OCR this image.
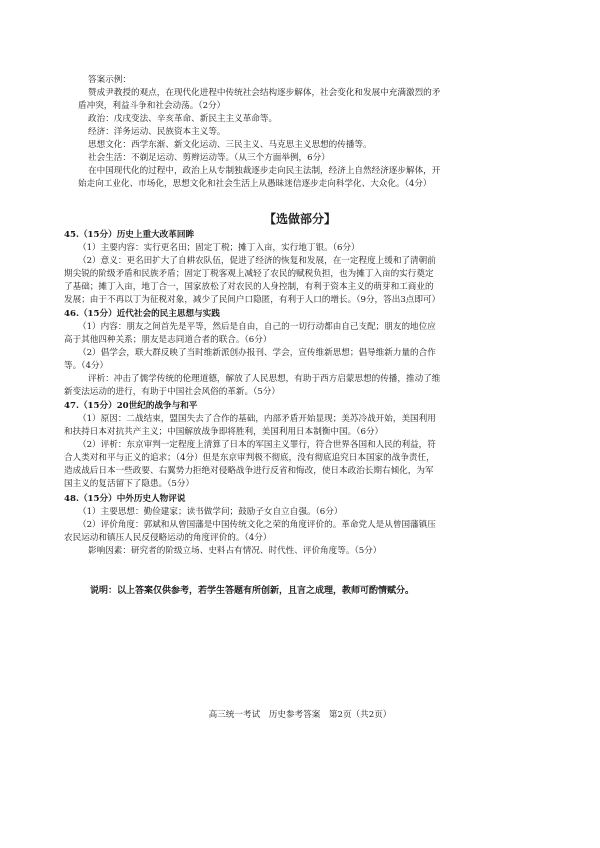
答案示例：
赞成尹教授的观点，在现代化进程中传统社会结构逐步解体，社会变化和发展中充满激烈的矛
盾冲突，利益斗争和社会动荡。（2分）
政治：戊戌变法、辛亥革命、新民主主义革命等。
经济：洋务运动、民族资本主义等。
思想文化：西学东渐、新文化运动、三民主义、马克思主义思想的传播等。
社会生活：不剃足运动、剪辫运动等。（从三个方面举例，6分）
在中国现代化的过程中，政治上从专制独裁逐步走向民主法制，经济上自然经济逐步解体，开
始走向工业化、市场化，思想文化和社会生活上从愚昧迷信逐步走向科学化、大众化。（4分）
【选做部分】
45.（15分）历史上重大改革回眸
（1）主要内容：实行更名田；固定丁税；摊丁入亩，实行地丁银。（6分）
（2）意义：更名田扩大了自耕农队伍，促进了经济的恢复和发展，在一定程度上缓和了清朝前
期尖锐的阶级矛盾和民族矛盾；固定丁税客观上减轻了农民的赋税负担，也为摊丁入亩的实行奠定
了基础；摊丁入亩，地丁合一，国家放松了对农民的人身控制，有利于资本主义的萌芽和工商业的
发展；由于不再以丁为征税对象，减少了民间户口隐匿，有利于人口的增长。（9分，答出3点即可）
46.（15分）近代社会的民主思想与实践
（1）内容：朋友之间首先是平等，然后是自由，自己的一切行动都由自己支配；朋友的地位应
高于其他四种关系；朋友是志同道合者的联合。（6分）
（2）倡学会，联大群反映了当时维新派创办报刊、学会，宣传维新思想；倡导维新力量的合作
等。（4分）
评析：冲击了儒学传统的伦理道德，解放了人民思想，有助于西方启蒙思想的传播，推动了维
新变法运动的进行，有助于中国社会风俗的革新。（5分）
47.（15分）20世纪的战争与和平
（1）原因：二战结束，盟国失去了合作的基础，内部矛盾开始显现；美苏冷战开始，美国利用
和扶持日本对抗共产主义；中国解放战争即将胜利，美国利用日本制衡中国。（6分）
（2）评析：东京审判一定程度上清算了日本的军国主义罪行，符合世界各国和人民的利益，符
合人类对和平与正义的追求；（4分）但是东京审判极不彻底，没有彻底追究日本国家的战争责任，
造成战后日本一些政要、右翼势力拒绝对侵略战争进行反省和悔改，使日本政治长期右倾化，为军
国主义的复活留下了隐患。（5分）
48.（15分）中外历史人物评说
（1）主要思想：勤俭建家；读书做学问；鼓励子女自立自强。（6分）
（2）评价角度：郭斌和从曾国藩是中国传统文化之荣的角度评价的。革命党人是从曾国藩镇压
农民运动和镇压人民反侵略运动的角度评价的。（4分）
影响因素：研究者的阶级立场、史料占有情况、时代性、评价角度等。（5分）
说明：以上答案仅供参考，若学生答题有所创新，且言之成理，教师可酌情赋分。
高三统一考试　历史参考答案　第2页（共2页）
